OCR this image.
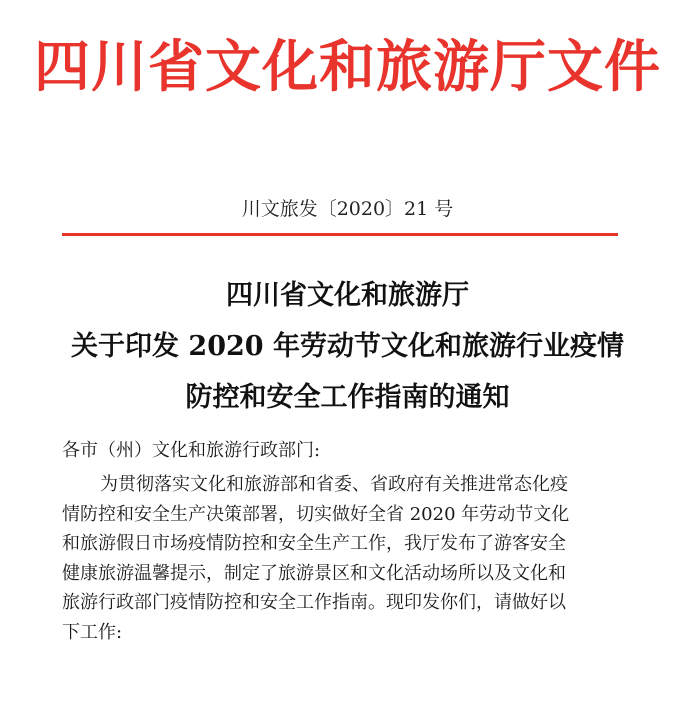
四川省文化和旅游厅文件
川文旅发〔2020〕21 号
四川省文化和旅游厅
关于印发 2020 年劳动节文化和旅游行业疫情
防控和安全工作指南的通知
各市（州）文化和旅游行政部门:
为贯彻落实文化和旅游部和省委、省政府有关推进常态化疫
情防控和安全生产决策部署，切实做好全省 2020 年劳动节文化
和旅游假日市场疫情防控和安全生产工作，我厅发布了游客安全
健康旅游温馨提示，制定了旅游景区和文化活动场所以及文化和
旅游行政部门疫情防控和安全工作指南。现印发你们，请做好以
下工作:
